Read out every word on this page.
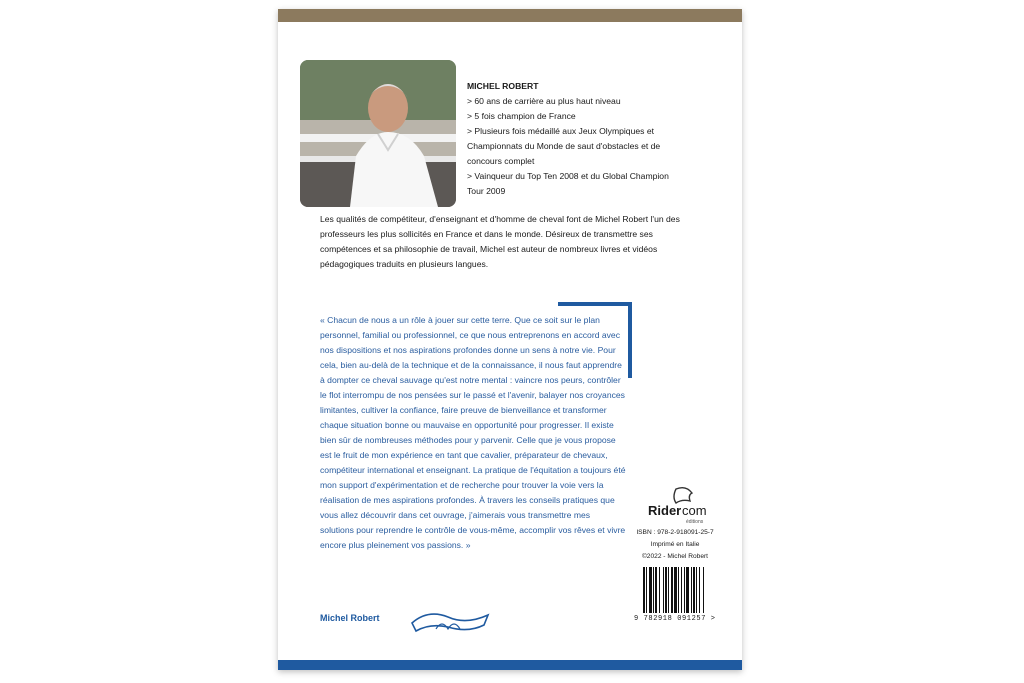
MICHEL ROBERT
> 60 ans de carrière au plus haut niveau
> 5 fois champion de France
> Plusieurs fois médaillé aux Jeux Olympiques et Championnats du Monde de saut d'obstacles et de concours complet
> Vainqueur du Top Ten 2008 et du Global Champion Tour 2009
Les qualités de compétiteur, d'enseignant et d'homme de cheval font de Michel Robert l'un des professeurs les plus sollicités en France et dans le monde. Désireux de transmettre ses compétences et sa philosophie de travail, Michel est auteur de nombreux livres et vidéos pédagogiques traduits en plusieurs langues.
« Chacun de nous a un rôle à jouer sur cette terre. Que ce soit sur le plan personnel, familial ou professionnel, ce que nous entreprenons en accord avec nos dispositions et nos aspirations profondes donne un sens à notre vie. Pour cela, bien au-delà de la technique et de la connaissance, il nous faut apprendre à dompter ce cheval sauvage qu'est notre mental : vaincre nos peurs, contrôler le flot interrompu de nos pensées sur le passé et l'avenir, balayer nos croyances limitantes, cultiver la confiance, faire preuve de bienveillance et transformer chaque situation bonne ou mauvaise en opportunité pour progresser. Il existe bien sûr de nombreuses méthodes pour y parvenir. Celle que je vous propose est le fruit de mon expérience en tant que cavalier, préparateur de chevaux, compétiteur international et enseignant. La pratique de l'équitation a toujours été mon support d'expérimentation et de recherche pour trouver la voie vers la réalisation de mes aspirations profondes. À travers les conseils pratiques que vous allez découvrir dans cet ouvrage, j'aimerais vous transmettre mes solutions pour reprendre le contrôle de vous-même, accomplir vos rêves et vivre encore plus pleinement vos passions. »
Michel Robert
Rider com
éditions
ISBN : 978-2-918091-25-7
Imprimé en Italie
©2022 - Michel Robert
9 782918 091257 >
